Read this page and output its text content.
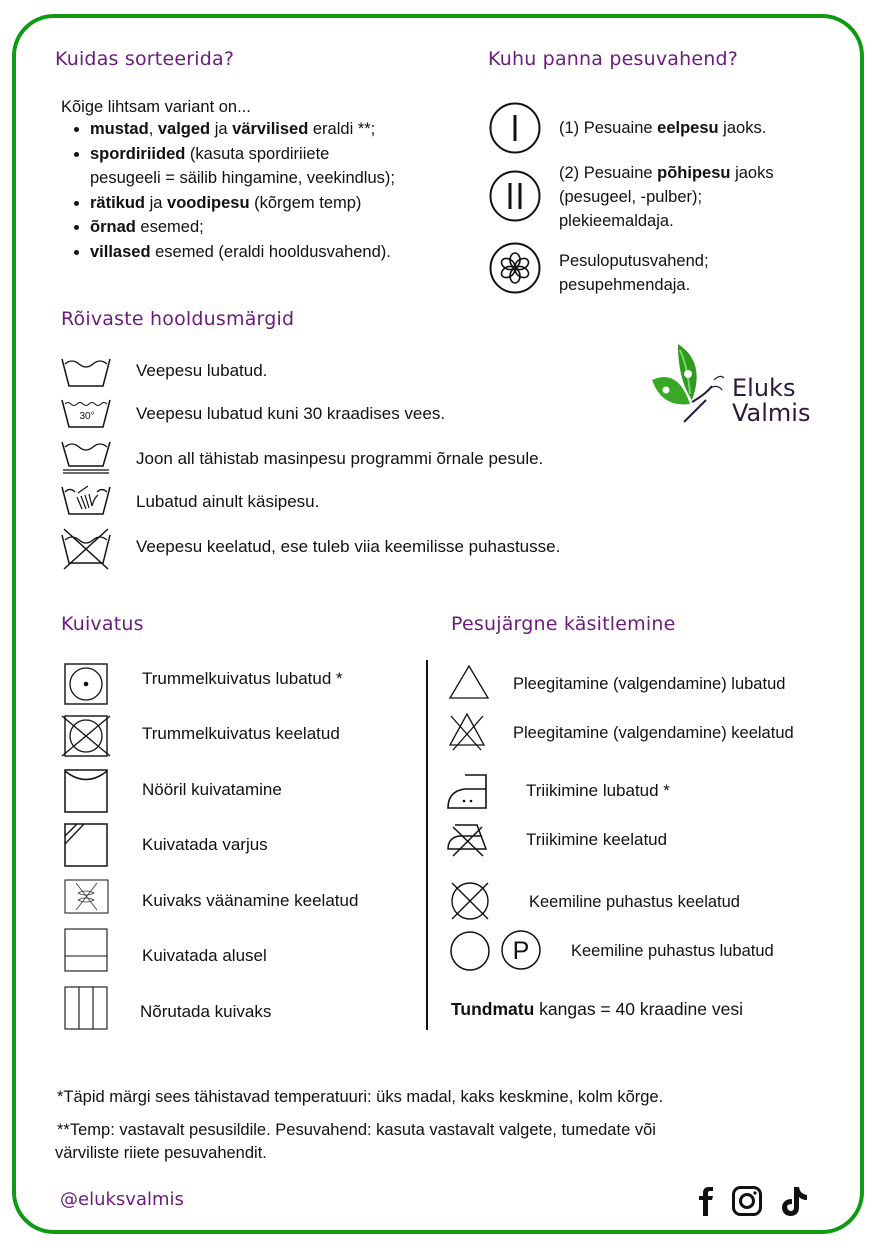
Kuidas sorteerida?
Kõige lihtsam variant on...
• mustad, valged ja värvilised eraldi **;
• spordiriided (kasuta spordiriiete
pesugeeli = säilib hingamine, veekindlus);
• rätikud ja voodipesu (kõrgem temp)
• õrnad esemed;
• villased esemed (eraldi hooldusvahend).
Kuhu panna pesuvahend?
(1) Pesuaine eelpesu jaoks.
(2) Pesuaine põhipesu jaoks
(pesugeel, -pulber);
plekieemaldaja.
Pesuloputusvahend;
pesupehmendaja.
Rõivaste hooldusmärgid
Veepesu lubatud.
30° Veepesu lubatud kuni 30 kraadises vees.
Joon all tähistab masinpesu programmi õrnale pesule.
Lubatud ainult käsipesu.
Veepesu keelatud, ese tuleb viia keemilisse puhastusse.
Eluks
Valmis
Kuivatus
Trummelkuivatus lubatud *
Trummelkuivatus keelatud
Nööril kuivatamine
Kuivatada varjus
Kuivaks väänamine keelatud
Kuivatada alusel
Nõrutada kuivaks
Pesujärgne käsitlemine
Pleegitamine (valgendamine) lubatud
Pleegitamine (valgendamine) keelatud
Triikimine lubatud *
Triikimine keelatud
Keemiline puhastus keelatud
P	Keemiline puhastus lubatud
Tundmatu kangas = 40 kraadine vesi
*Täpid märgi sees tähistavad temperatuuri: üks madal, kaks keskmine, kolm kõrge.
**Temp: vastavalt pesusildile. Pesuvahend: kasuta vastavalt valgete, tumedate või
värviliste riiete pesuvahendit.
@eluksvalmis
